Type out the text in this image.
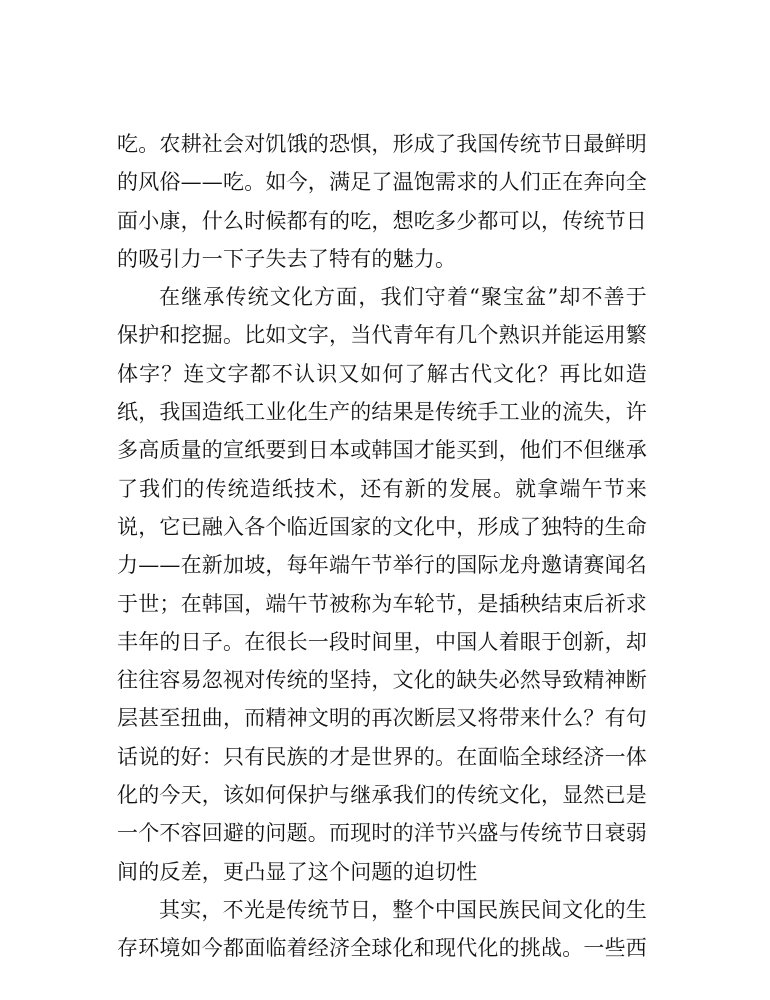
吃。农耕社会对饥饿的恐惧，形成了我国传统节日最鲜明的风俗——吃。如今，满足了温饱需求的人们正在奔向全面小康，什么时候都有的吃，想吃多少都可以，传统节日的吸引力一下子失去了特有的魅力。

在继承传统文化方面，我们守着“聚宝盆”却不善于保护和挖掘。比如文字，当代青年有几个熟识并能运用繁体字？连文字都不认识又如何了解古代文化？再比如造纸，我国造纸工业化生产的结果是传统手工业的流失，许多高质量的宣纸要到日本或韩国才能买到，他们不但继承了我们的传统造纸技术，还有新的发展。就拿端午节来说，它已融入各个临近国家的文化中，形成了独特的生命力——在新加坡，每年端午节举行的国际龙舟邀请赛闻名于世；在韩国，端午节被称为车轮节，是插秧结束后祈求丰年的日子。在很长一段时间里，中国人着眼于创新，却往往容易忽视对传统的坚持，文化的缺失必然导致精神断层甚至扭曲，而精神文明的再次断层又将带来什么？有句话说的好：只有民族的才是世界的。在面临全球经济一体化的今天，该如何保护与继承我们的传统文化，显然已是一个不容回避的问题。而现时的洋节兴盛与传统节日衰弱间的反差，更凸显了这个问题的迫切性

其实，不光是传统节日，整个中国民族民间文化的生存环境如今都面临着经济全球化和现代化的挑战。一些西
